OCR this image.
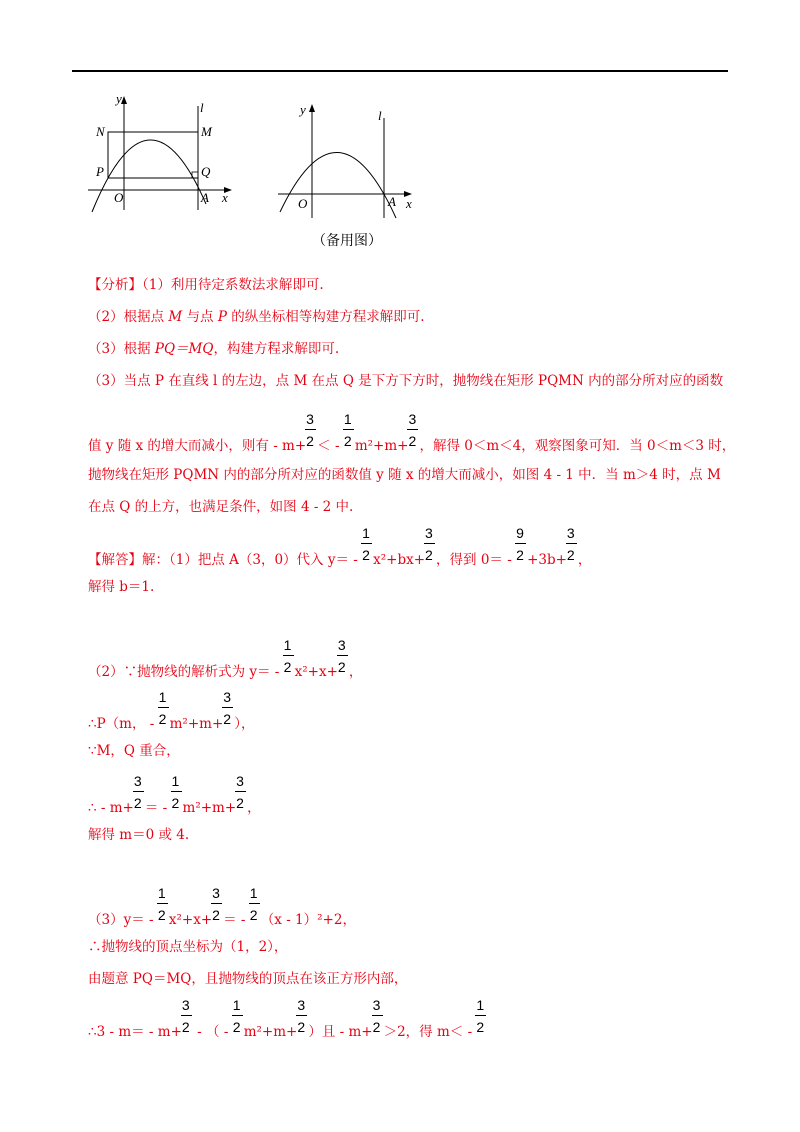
y
l
N	M
P	Q
O	A x
y	l
O	A x
（备用图）
【分析】（1）利用待定系数法求解即可.
（2）根据点 M 与点 P 的纵坐标相等构建方程求解即可.
（3）根据 PQ＝MQ，构建方程求解即可.
（3）当点 P 在直线 l 的左边，点 M 在点 Q 是下方下方时，抛物线在矩形 PQMN 内的部分所对应的函数
值 y 随 x 的增大而减小，则有 - $m+ \frac{3}{2}$ ＜ - $\frac{1}{2} m^2+m+ \frac{3}{2}$ ，解得 0＜m＜4，观察图象可知．当 0＜m＜3 时，
抛物线在矩形 PQMN 内的部分所对应的函数值 y 随 x 的增大而减小，如图 4 - 1 中．当 m＞4 时，点 M
在点 Q 的上方，也满足条件，如图 4 - 2 中.
【解答】解：（1）把点 A（3，0）代入 $y= - \frac{1}{2} x^2+bx+ \frac{3}{2}$ ，得到 $0= - \frac{9}{2} +3b+ \frac{3}{2}$ ，
解得 b＝1.
（2）∵抛物线的解析式为 $y= - \frac{1}{2} x^2+x+ \frac{3}{2}$ ，
∴P（m， - $\frac{1}{2} m^2+m+ \frac{3}{2}$ ），
∵M，Q 重合，
∴ - $m+ \frac{3}{2}$ ＝ - $\frac{1}{2} m^2+m+ \frac{3}{2}$ ，
解得 m＝0 或 4.
$(3)y= - \frac{1}{2} x^2+x+ \frac{3}{2}$ ＝ - $\frac{1}{2} (x - 1)^2+2$，
∴抛物线的顶点坐标为（1，2），
由题意 PQ＝MQ，且抛物线的顶点在该正方形内部，
∴3 - $m= - m+ \frac{3}{2}$ - （ - $\frac{1}{2} m^2+m+ \frac{3}{2}$ ）且 - $m+ \frac{3}{2} >2$，得 $m< - \frac{1}{2}$
